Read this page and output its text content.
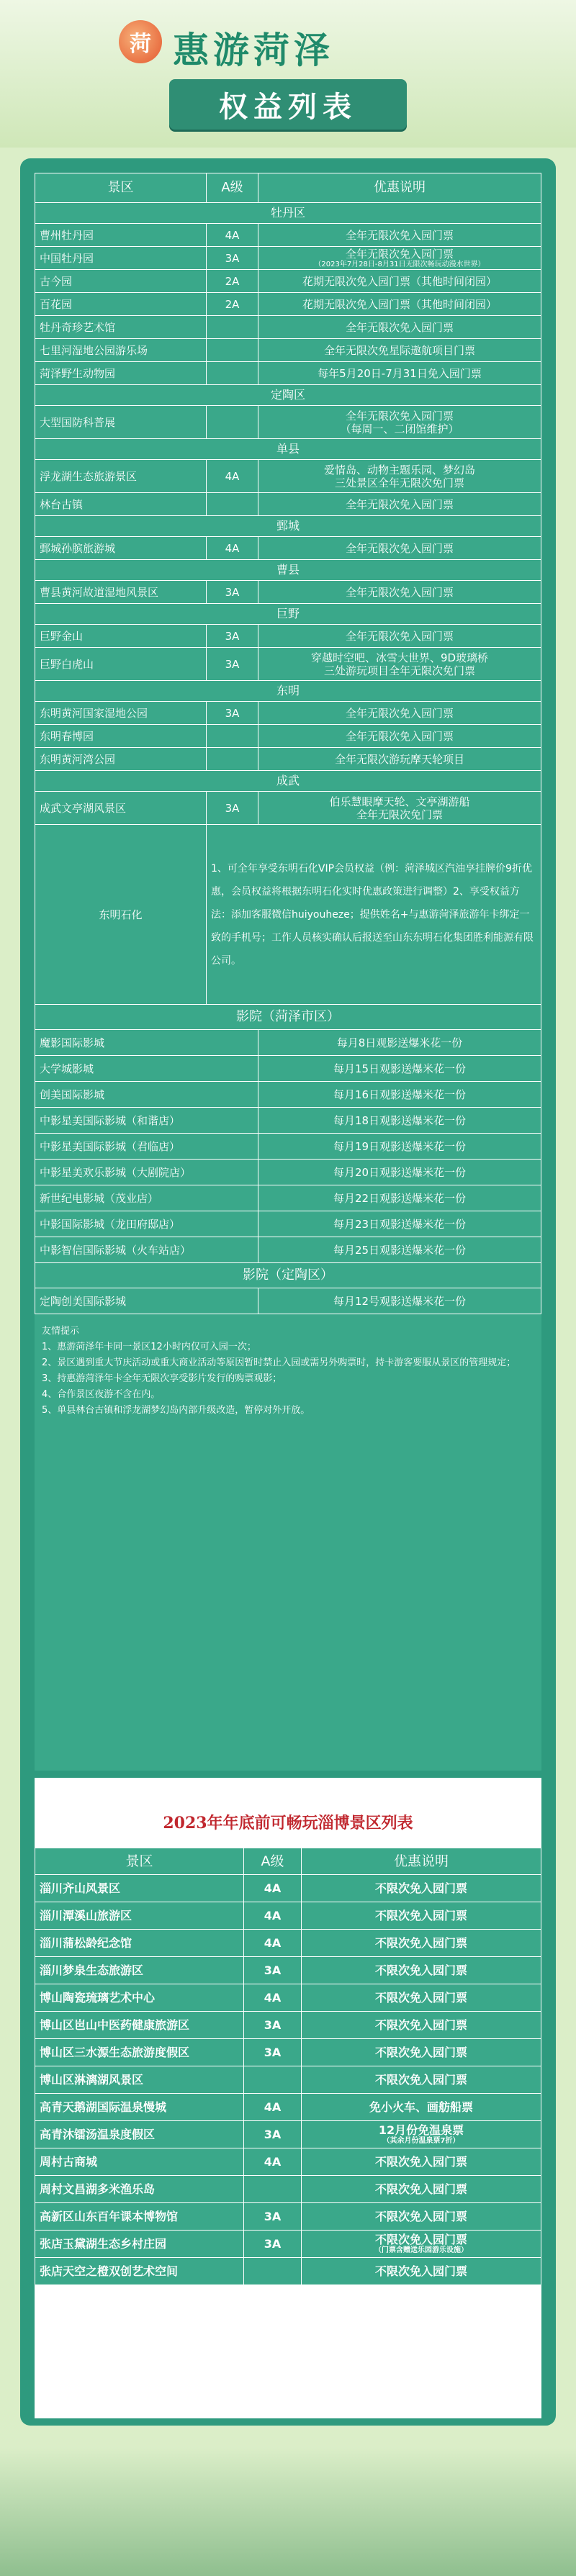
菏 惠游菏泽
权益列表
景区	A级	优惠说明
牡丹区		
曹州牡丹园	4A	全年无限次免入园门票

中国牡丹园	3A	全年无限次免入园门票
（2023年7月28日-8月31日无限次畅玩动漫水世界）

古今园	2A	花期无限次免入园门票（其他时间闭园）

百花园	2A	花期无限次免入园门票（其他时间闭园）

牡丹奇珍艺术馆		全年无限次免入园门票

七里河湿地公园游乐场		全年无限次免星际遨航项目门票

菏泽野生动物园		每年5月20日-7月31日免入园门票

定陶区		
大型国防科普展		全年无限次免入园门票
（每周一、二闭馆维护）

单县		
浮龙湖生态旅游景区	4A	爱情岛、动物主题乐园、梦幻岛
三处景区全年无限次免门票

林台古镇		全年无限次免入园门票

鄄城		
鄄城孙膑旅游城	4A	全年无限次免入园门票

曹县		
曹县黄河故道湿地风景区	3A	全年无限次免入园门票

巨野		
巨野金山	3A	全年无限次免入园门票

巨野白虎山	3A	穿越时空吧、冰雪大世界、9D玻璃桥
三处游玩项目全年无限次免门票

东明		
东明黄河国家湿地公园	3A	全年无限次免入园门票

东明春博园		全年无限次免入园门票

东明黄河湾公园		全年无限次游玩摩天轮项目

成武		
成武文亭湖风景区	3A	伯乐慧眼摩天轮、文亭湖游船
全年无限次免门票

东明石化	1、可全年享受东明石化VIP会员权益（例：菏泽城区汽油享挂牌价9折优惠，会员权益将根据东明石化实时优惠政策进行调整）2、享受权益方法：添加客服微信huiyouheze；提供姓名+与惠游菏泽旅游年卡绑定一致的手机号；工作人员核实确认后报送至山东东明石化集团胜利能源有限公司。	
影院（菏泽市区）		
魔影国际影城		每月8日观影送爆米花一份
大学城影城		每月15日观影送爆米花一份
创美国际影城		每月16日观影送爆米花一份
中影星美国际影城（和谐店）		每月18日观影送爆米花一份
中影星美国际影城（君临店）		每月19日观影送爆米花一份
中影星美欢乐影城（大剧院店）		每月20日观影送爆米花一份
新世纪电影城（茂业店）		每月22日观影送爆米花一份
中影国际影城（龙田府邸店）		每月23日观影送爆米花一份
中影智信国际影城（火车站店）		每月25日观影送爆米花一份
影院（定陶区）		
定陶创美国际影城		每月12号观影送爆米花一份
友情提示
1、惠游菏泽年卡同一景区12小时内仅可入园一次；
2、景区遇到重大节庆活动或重大商业活动等原因暂时禁止入园或需另外购票时，持卡游客要服从景区的管理规定；
3、持惠游菏泽年卡全年无限次享受影片发行的购票观影；
4、合作景区夜游不含在内。
5、单县林台古镇和浮龙湖梦幻岛内部升级改造，暂停对外开放。
2023年年底前可畅玩淄博景区列表
景区	A级	优惠说明
淄川齐山风景区	4A	不限次免入园门票

淄川潭溪山旅游区	4A	不限次免入园门票

淄川蒲松龄纪念馆	4A	不限次免入园门票

淄川梦泉生态旅游区	3A	不限次免入园门票

博山陶瓷琉璃艺术中心	4A	不限次免入园门票

博山区岜山中医药健康旅游区	3A	不限次免入园门票

博山区三水源生态旅游度假区	3A	不限次免入园门票

博山区淋漓湖风景区		不限次免入园门票

高青天鹅湖国际温泉慢城	4A	免小火车、画舫船票

高青沐镭汤温泉度假区	3A	12月份免温泉票
（其余月份温泉票7折）

周村古商城	4A	不限次免入园门票

周村文昌湖多米渔乐岛		不限次免入园门票

高新区山东百年课本博物馆	3A	不限次免入园门票

张店玉黛湖生态乡村庄园	3A	不限次免入园门票
（门票含赠送乐园游乐设施）

张店天空之橙双创艺术空间		不限次免入园门票
